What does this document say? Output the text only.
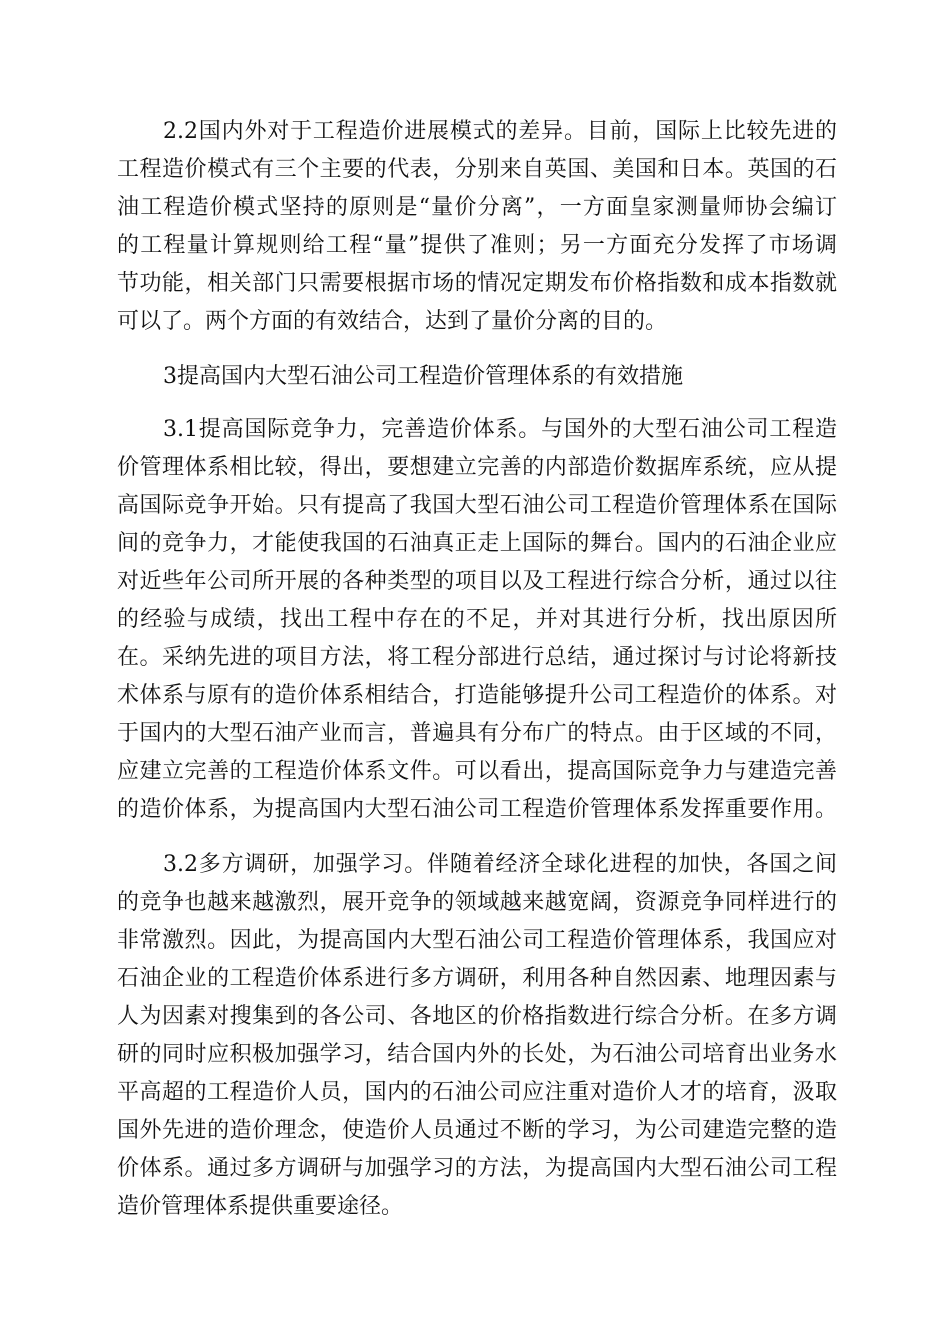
2.2国内外对于工程造价进展模式的差异。目前，国际上比较先进的

工程造价模式有三个主要的代表，分别来自英国、美国和日本。英国的石

油工程造价模式坚持的原则是“量价分离”，一方面皇家测量师协会编订

的工程量计算规则给工程“量”提供了准则；另一方面充分发挥了市场调

节功能，相关部门只需要根据市场的情况定期发布价格指数和成本指数就

可以了。两个方面的有效结合，达到了量价分离的目的。

3提高国内大型石油公司工程造价管理体系的有效措施

3.1提高国际竞争力，完善造价体系。与国外的大型石油公司工程造

价管理体系相比较，得出，要想建立完善的内部造价数据库系统，应从提

高国际竞争开始。只有提高了我国大型石油公司工程造价管理体系在国际

间的竞争力，才能使我国的石油真正走上国际的舞台。国内的石油企业应

对近些年公司所开展的各种类型的项目以及工程进行综合分析，通过以往

的经验与成绩，找出工程中存在的不足，并对其进行分析，找出原因所

在。采纳先进的项目方法，将工程分部进行总结，通过探讨与讨论将新技

术体系与原有的造价体系相结合，打造能够提升公司工程造价的体系。对

于国内的大型石油产业而言，普遍具有分布广的特点。由于区域的不同，

应建立完善的工程造价体系文件。可以看出，提高国际竞争力与建造完善

的造价体系，为提高国内大型石油公司工程造价管理体系发挥重要作用。

3.2多方调研，加强学习。伴随着经济全球化进程的加快，各国之间

的竞争也越来越激烈，展开竞争的领域越来越宽阔，资源竞争同样进行的

非常激烈。因此，为提高国内大型石油公司工程造价管理体系，我国应对

石油企业的工程造价体系进行多方调研，利用各种自然因素、地理因素与

人为因素对搜集到的各公司、各地区的价格指数进行综合分析。在多方调

研的同时应积极加强学习，结合国内外的长处，为石油公司培育出业务水

平高超的工程造价人员，国内的石油公司应注重对造价人才的培育，汲取

国外先进的造价理念，使造价人员通过不断的学习，为公司建造完整的造

价体系。通过多方调研与加强学习的方法，为提高国内大型石油公司工程

造价管理体系提供重要途径。
